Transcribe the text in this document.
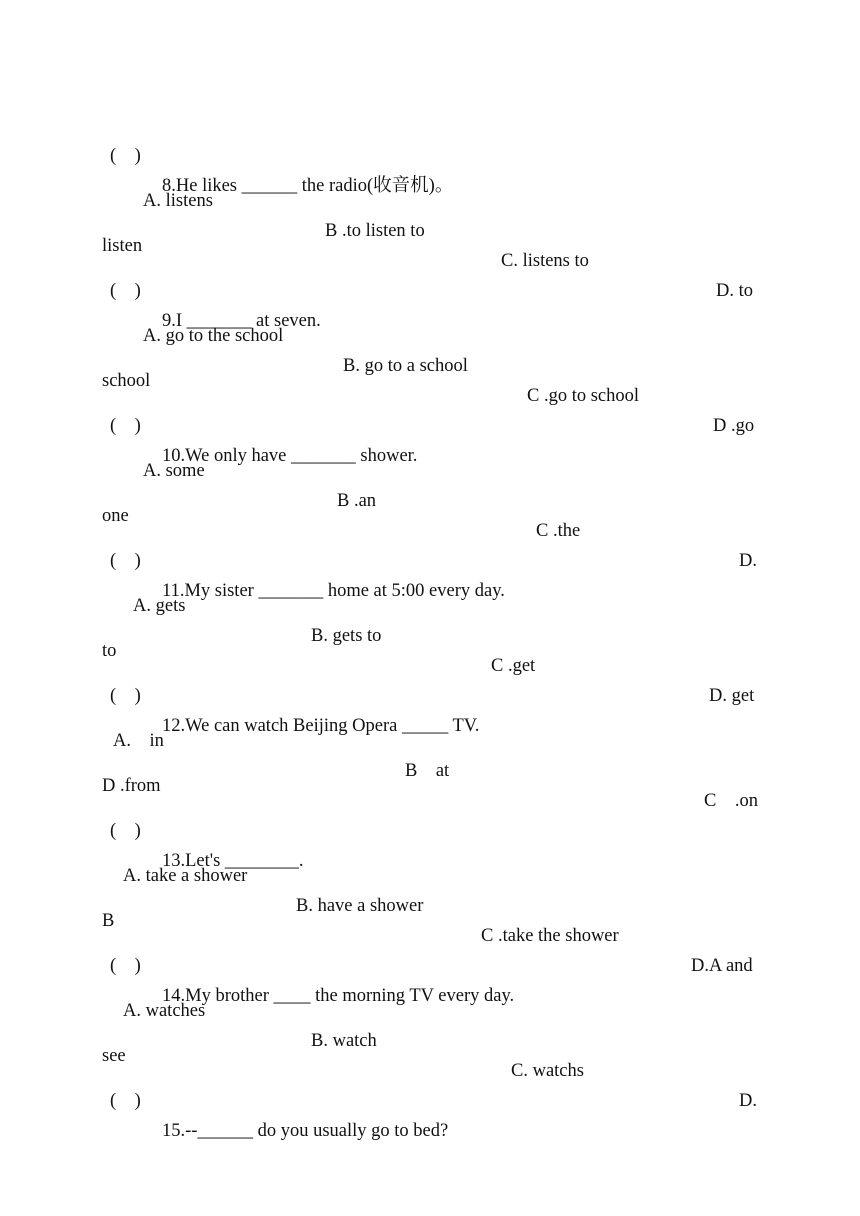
(    )

8.He likes ______ the radio(收音机)。

A. listens

B .to listen to

C. listens to

D. to

listen

(    )

9.I _______ at seven.

A. go to the school

B. go to a school

C .go to school

D .go

school

(    )

10.We only have _______ shower.

A. some

B .an

C .the

D.

one

(    )

11.My sister _______ home at 5:00 every day.

A. gets

B. gets to

C .get

D. get

to

(    )

12.We can watch Beijing Opera _____ TV.

A.    in

B    at

C    .on

D .from

(    )

13.Let's ________.

A. take a shower

B. have a shower

C .take the shower

D.A and

B

(    )

14.My brother ____ the morning TV every day.

A. watches

B. watch

C. watchs

D.

see

(    )

15.--______ do you usually go to bed?
